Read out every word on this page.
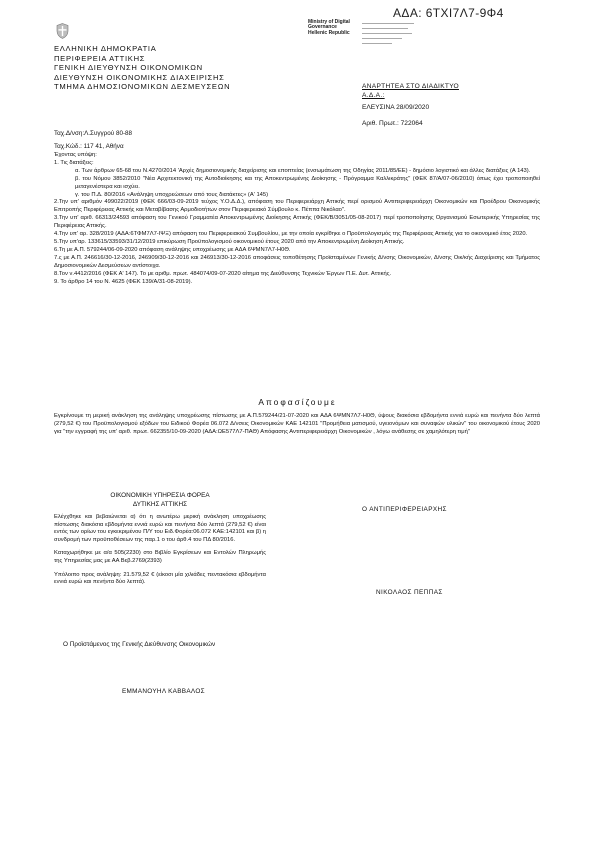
ΑΔΑ: 6ΤΧΙ7Λ7-9Φ4
Ministry of Digital
Governance
Hellenic Republic
ΕΛΛΗΝΙΚΗ ΔΗΜΟΚΡΑΤΙΑ
ΠΕΡΙΦΕΡΕΙΑ ΑΤΤΙΚΗΣ
ΓΕΝΙΚΗ ΔΙΕΥΘΥΝΣΗ ΟΙΚΟΝΟΜΙΚΩΝ
ΔΙΕΥΘΥΝΣΗ ΟΙΚΟΝΟΜΙΚΗΣ ΔΙΑΧΕΙΡΙΣΗΣ
ΤΜΗΜΑ ΔΗΜΟΣΙΟΝΟΜΙΚΩΝ ΔΕΣΜΕΥΣΕΩΝ
Ταχ.Δ/νση:Λ.Συγγρού 80-88
Ταχ.Κώδ.: 117 41, Αθήνα
ΑΝΑΡΤΗΤΕΑ ΣΤΟ ΔΙΑΔΙΚΤΥΟ
Α.Δ.Α.:
ΕΛΕΥΣΙΝΑ 28/09/2020
Αριθ. Πρωτ.: 722064

Έχοντας υπόψη:

1. Τις διατάξεις:

α. Των άρθρων 65-68 του Ν.4270/2014 'Αρχές δημοσιονομικής διαχείρισης και εποπτείας (ενσωμάτωση της Οδηγίας 2011/85/ΕΕ) - δημόσιο λογιστικό και άλλες διατάξεις (Α 143).

β. του Νόμου 3852/2010 "Νέα Αρχιτεκτονική της Αυτοδιοίκησης και της Αποκεντρωμένης Διοίκησης - Πρόγραμμα Καλλικράτης" (ΦΕΚ 87/Α/07-06/2010) όπως έχει τροποποιηθεί μεταγενέστερα και ισχύει.

γ. του Π.Δ. 80/2016 «Ανάληψη υποχρεώσεων από τους διατάκτες» (Α' 145)

2.Την υπ' αριθμόν 499022/2019 (ΦΕΚ 666/03-09-2019 τεύχος Υ.Ο.Δ.Δ.), απόφαση του Περιφερειάρχη Αττικής περί ορισμού Αντιπεριφερειάρχη Οικονομικών και Προέδρου Οικονομικής Επιτροπής Περιφέρειας Αττικής και Μεταβίβασης Αρμοδιοτήτων στον Περιφερειακό Σύμβουλο κ. Πέππα Νικόλαο".

3.Την υπ' αριθ. 66313/24593 απόφαση του Γενικού Γραμματέα Αποκεντρωμένης Διοίκησης Αττικής (ΦΕΚ/Β/3051/05-08-2017) περί τροποποίησης Οργανισμού Εσωτερικής Υπηρεσίας της Περιφέρειας Αττικής.

4.Την υπ' αρ. 328/2019 (ΑΔΑ:6ΤΦΜ7Λ7-ΙΨΞ) απόφαση του Περιφερειακού Συμβουλίου, με την οποία εγκρίθηκε ο Προϋπολογισμός της Περιφέρειας Αττικής για το οικονομικό έτος 2020.

5.Την υπ'αρ. 133615/33593/31/12/2019 επικύρωση Προϋπολογισμού οικονομικού έτους 2020 από την Αποκεντρωμένη Διοίκηση Αττικής.

6.Τη με Α.Π. 579244/06-09-2020 απόφαση ανάληψης υποχρέωσης με ΑΔΑ 6ΨΜΝ7Λ7-Η0Θ.

7.ς με Α.Π. 246616/30-12-2016, 246909/30-12-2016 και 246913/30-12-2016 αποφάσεις τοποθέτησης Προϊσταμένων Γενικής Δ/νσης Οικονομικών, Δ/νσης Οικ/κής Διαχείρισης και Τμήματος Δημοσιονομικών Δεσμεύσεων αντίστοιχα.

8.Τον ν.4412/2016 (ΦΕΚ Α' 147). Το με αριθμ. πρωτ. 484074/09-07-2020 αίτημα της Διεύθυνσης Τεχνικών Έργων Π.Ε. Δυτ. Αττικής.

9. Το άρθρο 14 του Ν. 4625 (ΦΕΚ 139/Α/31-08-2019).

Αποφασίζουμε

Εγκρίνουμε τη μερική ανάκληση της ανάληψης υποχρέωσης πίστωσης με Α.Π.579244/21-07-2020 και ΑΔΑ 6ΨΜΝ7Λ7-Η0Θ, ύψους διακόσια εβδομήντα εννιά ευρώ και πενήντα δύο λεπτά (279,52 €) του Προϋπολογισμού εξόδων του Ειδικού Φορέα 06.072 Δ/νσεις Οικονομικών ΚΑΕ 142101 "Προμήθεια ματισμού, υγειονόμων και συναφών υλικών" του οικονομικού έτους 2020 για "την εγγραφή της υπ' αριθ. πρωτ. 662355/10-09-2020 (ΑΔΑ:ΩΕ577Λ7-ΠΑΘ) Απόφασης Αντιπεριφερειάρχη Οικονομικών , λόγω ανάθεσης σε χαμηλότερη τιμή"

ΟΙΚΟΝΟΜΙΚΗ ΥΠΗΡΕΣΙΑ ΦΟΡΕΑ
ΔΥΤΙΚΗΣ ΑΤΤΙΚΗΣ

Ελέγχθηκε και βεβαιώνεται α) ότι η ανωτέρω μερική ανάκληση υποχρέωσης πίστωσης διακόσια εβδομήντα εννιά ευρώ και πενήντα δύο λεπτά (279,52 €) είναι εντός των ορίων του εγκεκριμένου Π/Υ του Ειδ.Φορέα:06.072 ΚΑΕ:142101 και β) η συνδρομή των προϋποθέσεων της παρ.1 ο του άρθ.4 του ΠΔ 80/2016.

Καταχωρήθηκε με α/α 505(2230) στο Βιβλίο Εγκρίσεων και Εντολών Πληρωμής της Υπηρεσίας μας με ΑΑ Βεβ.2769(2393)

Υπόλοιπο προς ανάληψη: 21.579,52 € (είκοσι μία χιλιάδες πεντακόσια εβδομήντα εννιά ευρώ και πενήντα δύο λεπτά).

Ο ΑΝΤΙΠΕΡΙΦΕΡΕΙΑΡΧΗΣ
ΝΙΚΟΛΑΟΣ ΠΕΠΠΑΣ
Ο Προϊστάμενος της Γενικής Διεύθυνσης Οικονομικών
ΕΜΜΑΝΟΥΗΛ ΚΑΒΒΑΛΟΣ
